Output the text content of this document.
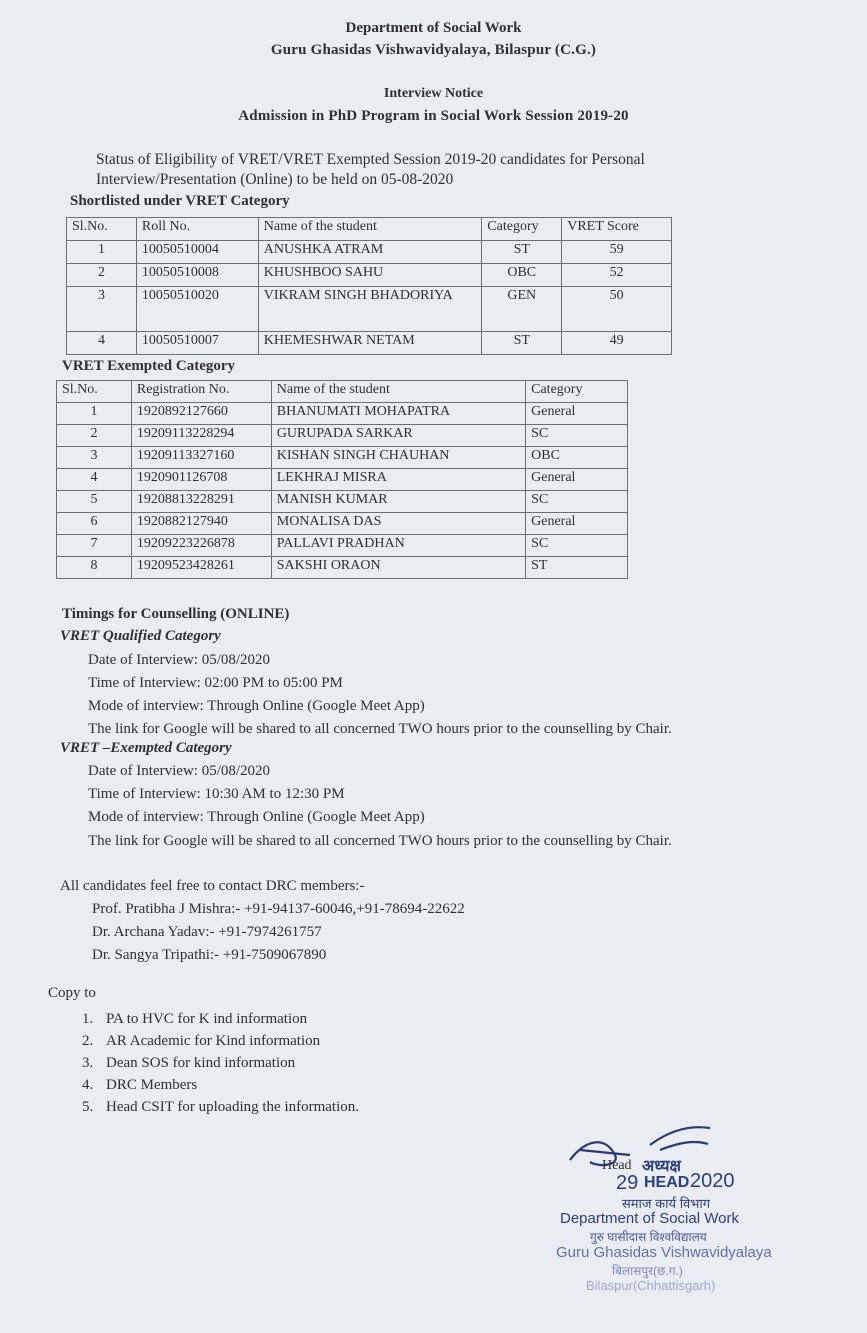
Department of Social Work
Guru Ghasidas Vishwavidyalaya, Bilaspur (C.G.)
Interview Notice
Admission in PhD Program in Social Work Session 2019-20
Status of Eligibility of VRET/VRET Exempted Session 2019-20 candidates for Personal Interview/Presentation (Online) to be held on 05-08-2020
Shortlisted under VRET Category
Sl.No.	Roll No.	Name of the student	Category	VRET Score
1	10050510004	ANUSHKA ATRAM	ST	59
2	10050510008	KHUSHBOO SAHU	OBC	52
3	10050510020	VIKRAM SINGH BHADORIYA	GEN	50
4	10050510007	KHEMESHWAR NETAM	ST	49
VRET Exempted Category
Sl.No.	Registration No.	Name of the student	Category
1	1920892127660	BHANUMATI MOHAPATRA	General
2	19209113228294	GURUPADA SARKAR	SC
3	19209113327160	KISHAN SINGH CHAUHAN	OBC
4	1920901126708	LEKHRAJ MISRA	General
5	19208813228291	MANISH KUMAR	SC
6	1920882127940	MONALISA DAS	General
7	19209223226878	PALLAVI PRADHAN	SC
8	19209523428261	SAKSHI ORAON	ST
Timings for Counselling (ONLINE)
VRET Qualified Category
Date of Interview: 05/08/2020
Time of Interview: 02:00 PM to 05:00 PM
Mode of interview: Through Online (Google Meet App)
The link for Google will be shared to all concerned TWO hours prior to the counselling by Chair.
VRET –Exempted Category
Date of Interview: 05/08/2020
Time of Interview: 10:30 AM to 12:30 PM
Mode of interview: Through Online (Google Meet App)
The link for Google will be shared to all concerned TWO hours prior to the counselling by Chair.
All candidates feel free to contact DRC members:-
Prof. Pratibha J Mishra:- +91-94137-60046,+91-78694-22622
Dr. Archana Yadav:- +91-7974261757
Dr. Sangya Tripathi:- +91-7509067890
Copy to
1. PA to HVC for K ind information
2. AR Academic for Kind information
3. Dean SOS for kind information
4. DRC Members
5. Head CSIT for uploading the information.
Head अध्यक्ष
29 HEAD 2020
समाज कार्य विभाग
Department of Social Work
गुरु घासीदास विश्वविद्यालय
Guru Ghasidas Vishwavidyalaya
बिलासपुर(छ.ग.)
Bilaspur(Chhattisgarh)
